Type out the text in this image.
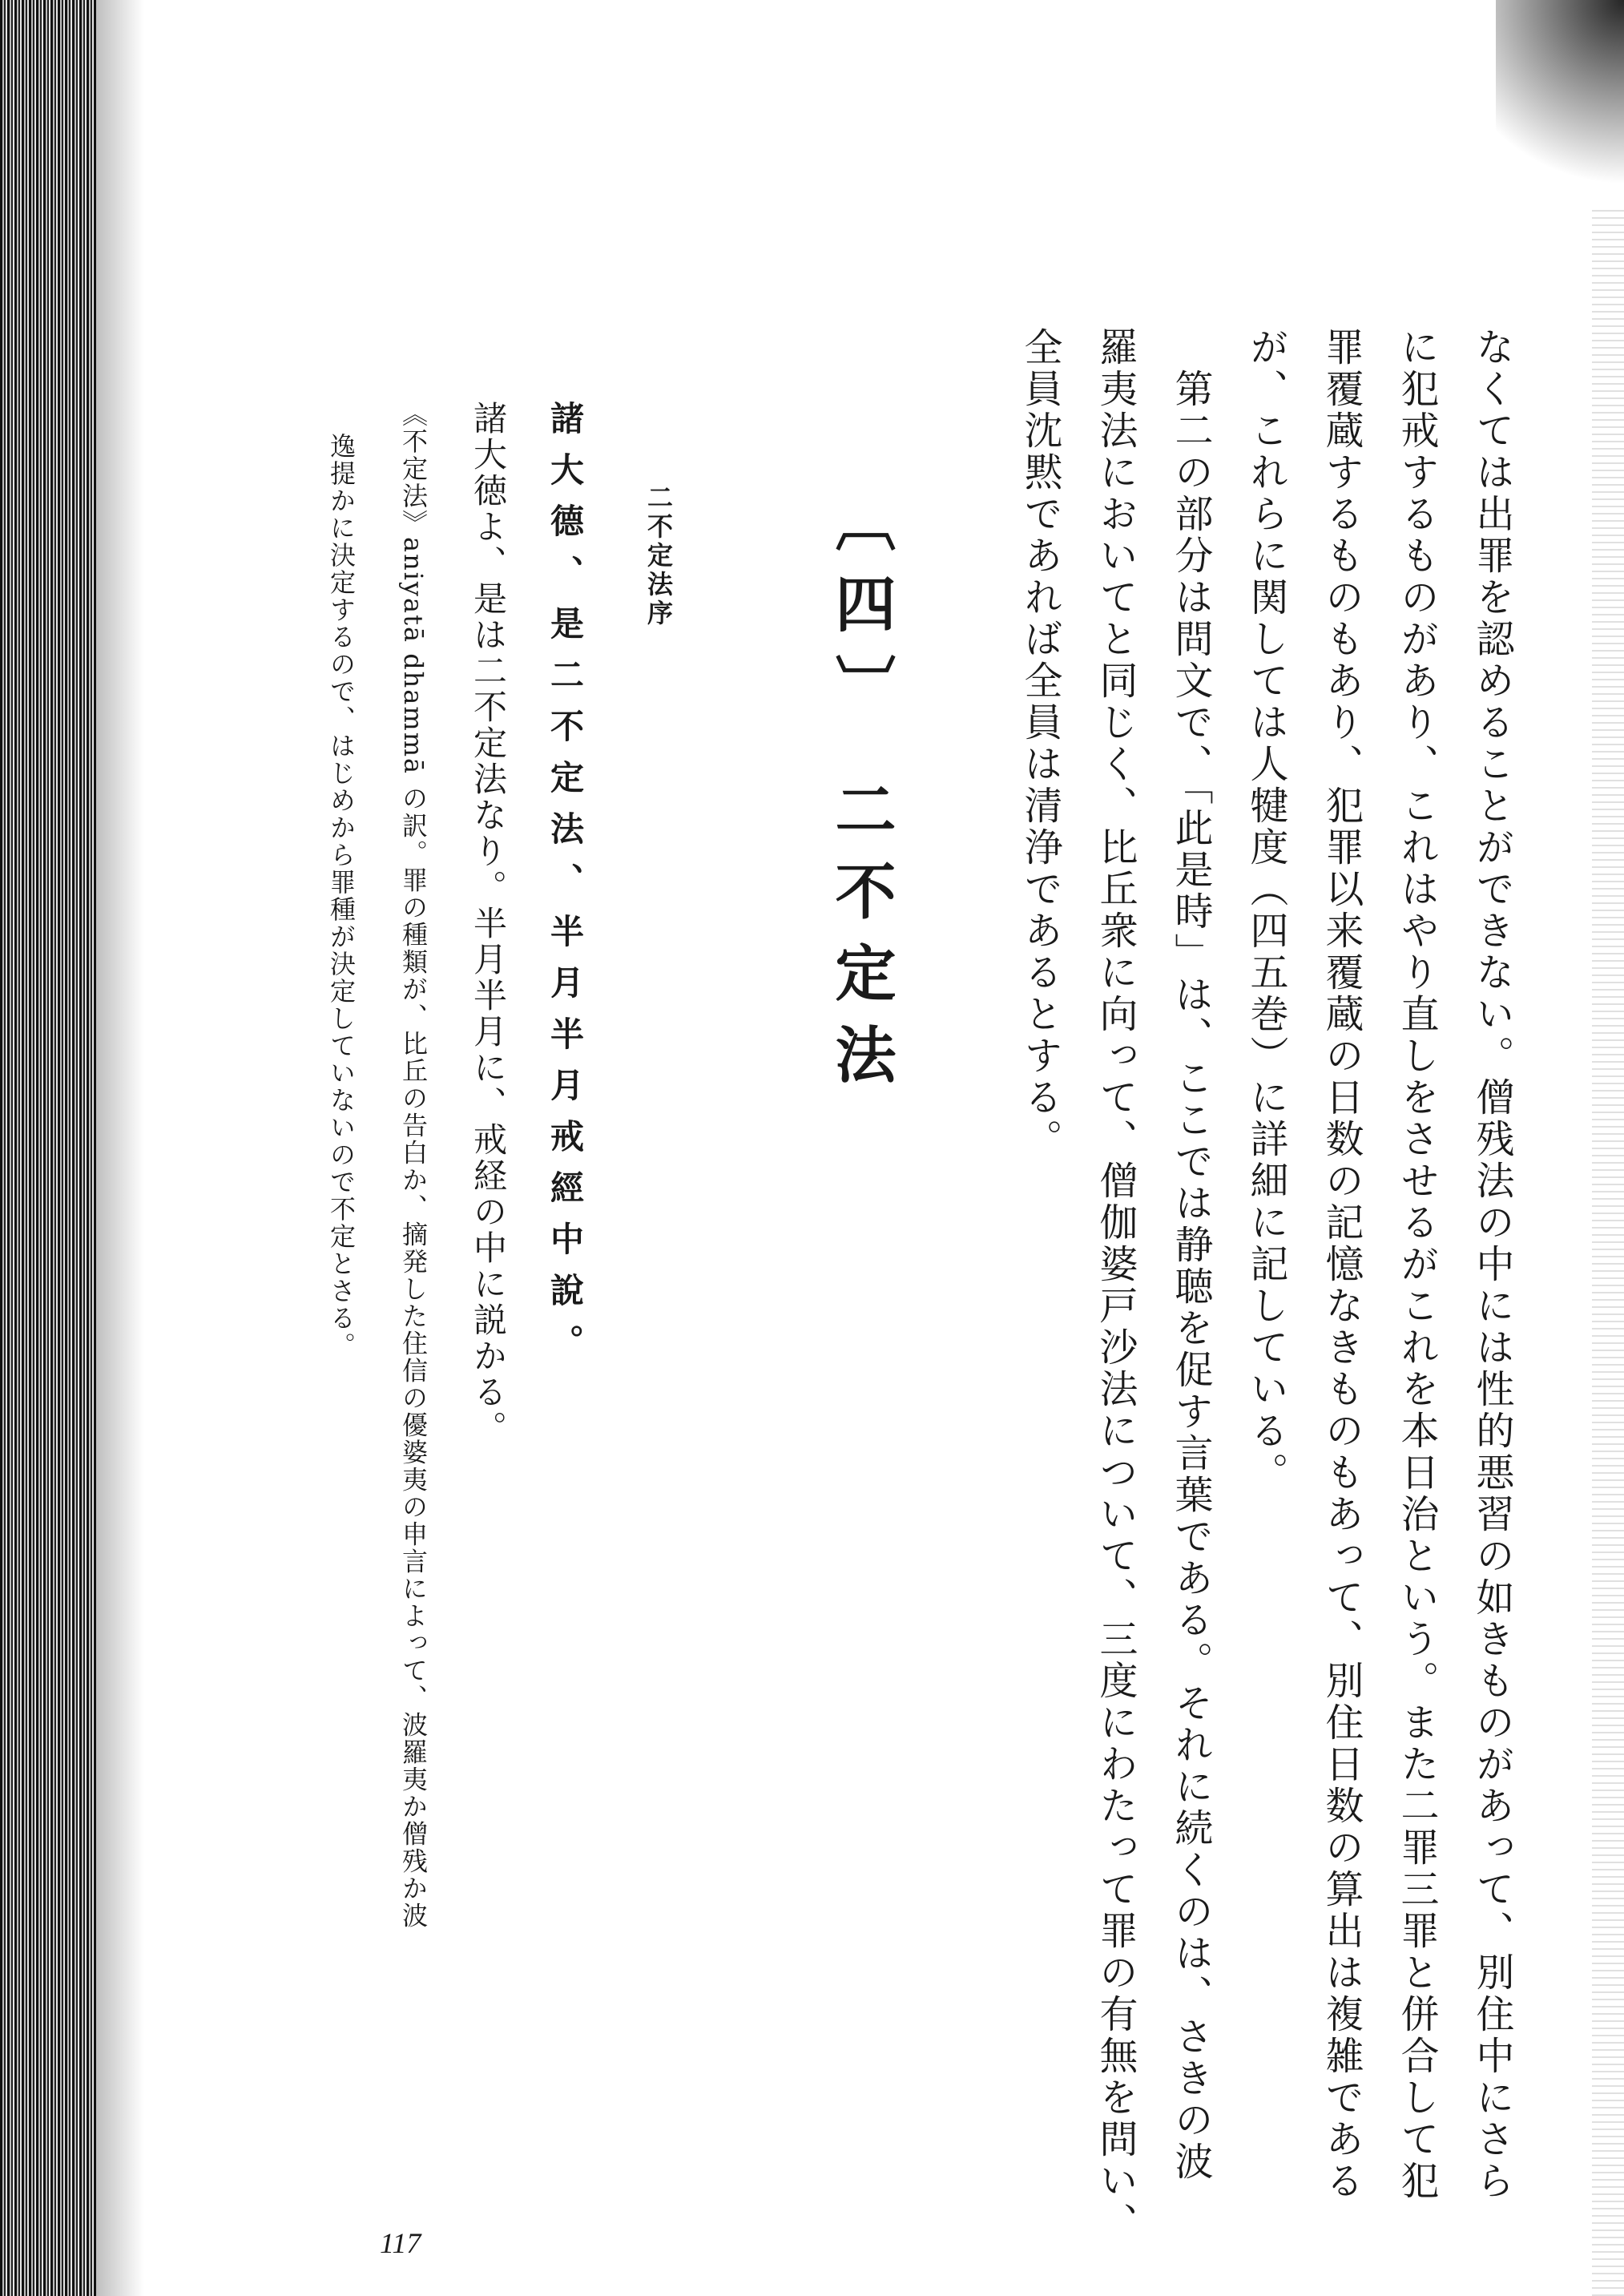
なくては出罪を認めることができない。僧残法の中には性的悪習の如きものがあって、別住中にさら
に犯戒するものがあり、これはやり直しをさせるがこれを本日治という。また二罪三罪と併合して犯
罪覆蔵するものもあり、犯罪以来覆蔵の日数の記憶なきものもあって、別住日数の算出は複雑である
が、これらに関しては人犍度（四五巻）に詳細に記している。
　第二の部分は問文で、「此是時」は、ここでは静聴を促す言葉である。それに続くのは、さきの波
羅夷法においてと同じく、比丘衆に向って、僧伽婆戸沙法について、三度にわたって罪の有無を問い、
全員沈黙であれば全員は清浄であるとする。
〔四〕 二不定法
二不定法序
諸大德、是二不定法、半月半月戒經中說。
諸大徳よ、是は二不定法なり。半月半月に、戒経の中に説かる。
《不定法》aniyatā dhammā の訳。罪の種類が、比丘の告白か、摘発した住信の優婆夷の申言によって、波羅夷か僧残か波
逸提かに決定するので、はじめから罪種が決定していないので不定とさる。
117
